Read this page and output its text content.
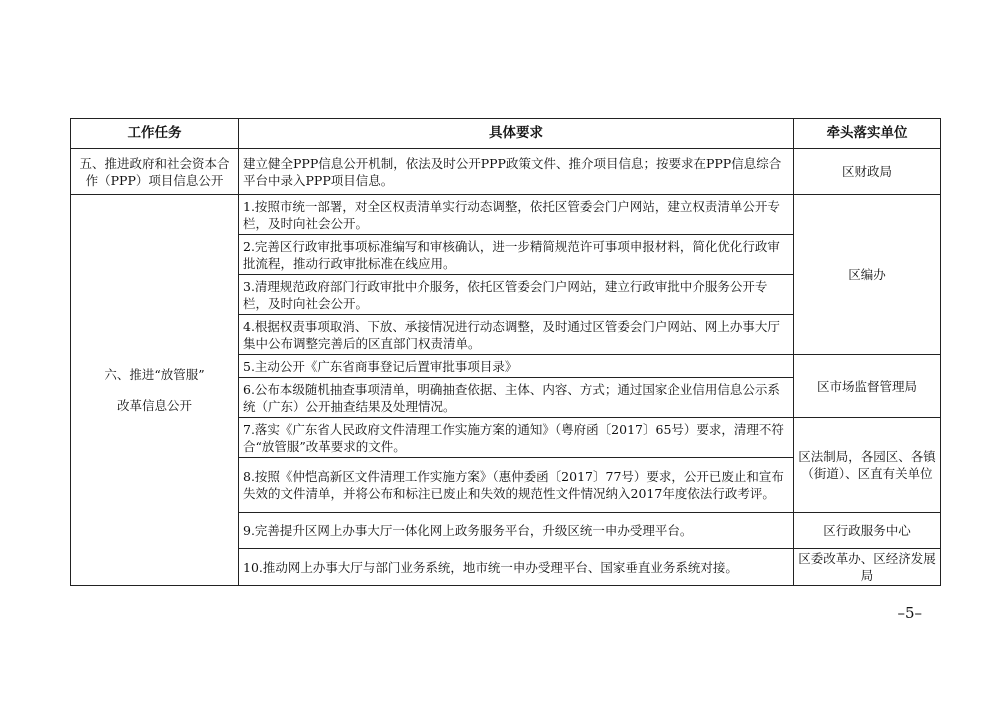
工作任务	具体要求	牵头落实单位
五、推进政府和社会资本合作（PPP）项目信息公开	建立健全PPP信息公开机制，依法及时公开PPP政策文件、推介项目信息；按要求在PPP信息综合平台中录入PPP项目信息。	区财政局

六、推进“放管服”
改革信息公开	1.按照市统一部署，对全区权责清单实行动态调整，依托区管委会门户网站，建立权责清单公开专栏，及时向社会公开。	区编办
	2.完善区行政审批事项标准编写和审核确认，进一步精简规范许可事项申报材料，简化优化行政审批流程，推动行政审批标准在线应用。	
	3.清理规范政府部门行政审批中介服务，依托区管委会门户网站，建立行政审批中介服务公开专栏，及时向社会公开。	
	4.根据权责事项取消、下放、承接情况进行动态调整，及时通过区管委会门户网站、网上办事大厅集中公布调整完善后的区直部门权责清单。	
	5.主动公开《广东省商事登记后置审批事项目录》	区市场监督管理局
	6.公布本级随机抽查事项清单，明确抽查依据、主体、内容、方式；通过国家企业信用信息公示系统（广东）公开抽查结果及处理情况。	
	7.落实《广东省人民政府文件清理工作实施方案的通知》（粤府函〔2017〕65号）要求，清理不符合“放管服”改革要求的文件。	区法制局，各园区、各镇（街道）、区直有关单位
	8.按照《仲恺高新区文件清理工作实施方案》（惠仲委函〔2017〕77号）要求，公开已废止和宣布失效的文件清单，并将公布和标注已废止和失效的规范性文件情况纳入2017年度依法行政考评。	
	9.完善提升区网上办事大厅一体化网上政务服务平台，升级区统一申办受理平台。	区行政服务中心
	10.推动网上办事大厅与部门业务系统，地市统一申办受理平台、国家垂直业务系统对接。	区委改革办、区经济发展局
–5–
